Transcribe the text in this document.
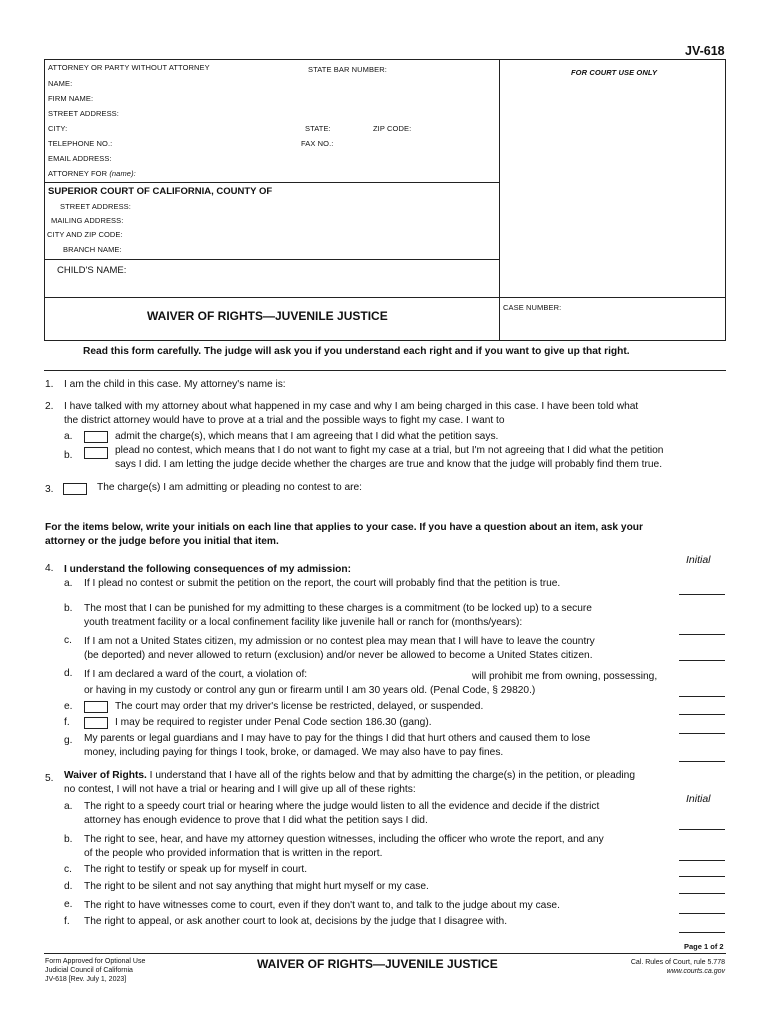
JV-618
ATTORNEY OR PARTY WITHOUT ATTORNEY	STATE BAR NUMBER:	FOR COURT USE ONLY
NAME:
FIRM NAME:
STREET ADDRESS:
CITY:	STATE:	ZIP CODE:
TELEPHONE NO.:	FAX NO.:
EMAIL ADDRESS:
ATTORNEY FOR (name):
SUPERIOR COURT OF CALIFORNIA, COUNTY OF
STREET ADDRESS:
MAILING ADDRESS:
CITY AND ZIP CODE:
BRANCH NAME:
CHILD'S NAME:
CASE NUMBER:
WAIVER OF RIGHTS—JUVENILE JUSTICE
Read this form carefully. The judge will ask you if you understand each right and if you want to give up that right.
1. I am the child in this case. My attorney's name is:
2. I have talked with my attorney about what happened in my case and why I am being charged in this case. I have been told what
the district attorney would have to prove at a trial and the possible ways to fight my case. I want to
a.	admit the charge(s), which means that I am agreeing that I did what the petition says.
b.	plead no contest, which means that I do not want to fight my case at a trial, but I'm not agreeing that I did what the petition
says I did. I am letting the judge decide whether the charges are true and know that the judge will probably find them true.
3.	The charge(s) I am admitting or pleading no contest to are:
For the items below, write your initials on each line that applies to your case. If you have a question about an item, ask your
attorney or the judge before you initial that item.
Initial
4. I understand the following consequences of my admission:
a. If I plead no contest or submit the petition on the report, the court will probably find that the petition is true.
b. The most that I can be punished for my admitting to these charges is a commitment (to be locked up) to a secure
youth treatment facility or a local confinement facility like juvenile hall or ranch for (months/years):
c. If I am not a United States citizen, my admission or no contest plea may mean that I will have to leave the country
(be deported) and never allowed to return (exclusion) and/or never be allowed to become a United States citizen.
d. If I am declared a ward of the court, a violation of:	will prohibit me from owning, possessing,
or having in my custody or control any gun or firearm until I am 30 years old. (Penal Code, § 29820.)
e.	The court may order that my driver's license be restricted, delayed, or suspended.
f.	I may be required to register under Penal Code section 186.30 (gang).
g. My parents or legal guardians and I may have to pay for the things I did that hurt others and caused them to lose
money, including paying for things I took, broke, or damaged. We may also have to pay fines.
5. Waiver of Rights. I understand that I have all of the rights below and that by admitting the charge(s) in the petition, or pleading
no contest, I will not have a trial or hearing and I will give up all of these rights:
Initial
a. The right to a speedy court trial or hearing where the judge would listen to all the evidence and decide if the district
attorney has enough evidence to prove that I did what the petition says I did.
b. The right to see, hear, and have my attorney question witnesses, including the officer who wrote the report, and any
of the people who provided information that is written in the report.
c. The right to testify or speak up for myself in court.
d. The right to be silent and not say anything that might hurt myself or my case.
e. The right to have witnesses come to court, even if they don't want to, and talk to the judge about my case.
f. The right to appeal, or ask another court to look at, decisions by the judge that I disagree with.
Page 1 of 2
Form Approved for Optional Use
Judicial Council of California
JV-618 [Rev. July 1, 2023]
WAIVER OF RIGHTS—JUVENILE JUSTICE	Cal. Rules of Court, rule 5.778
www.courts.ca.gov
